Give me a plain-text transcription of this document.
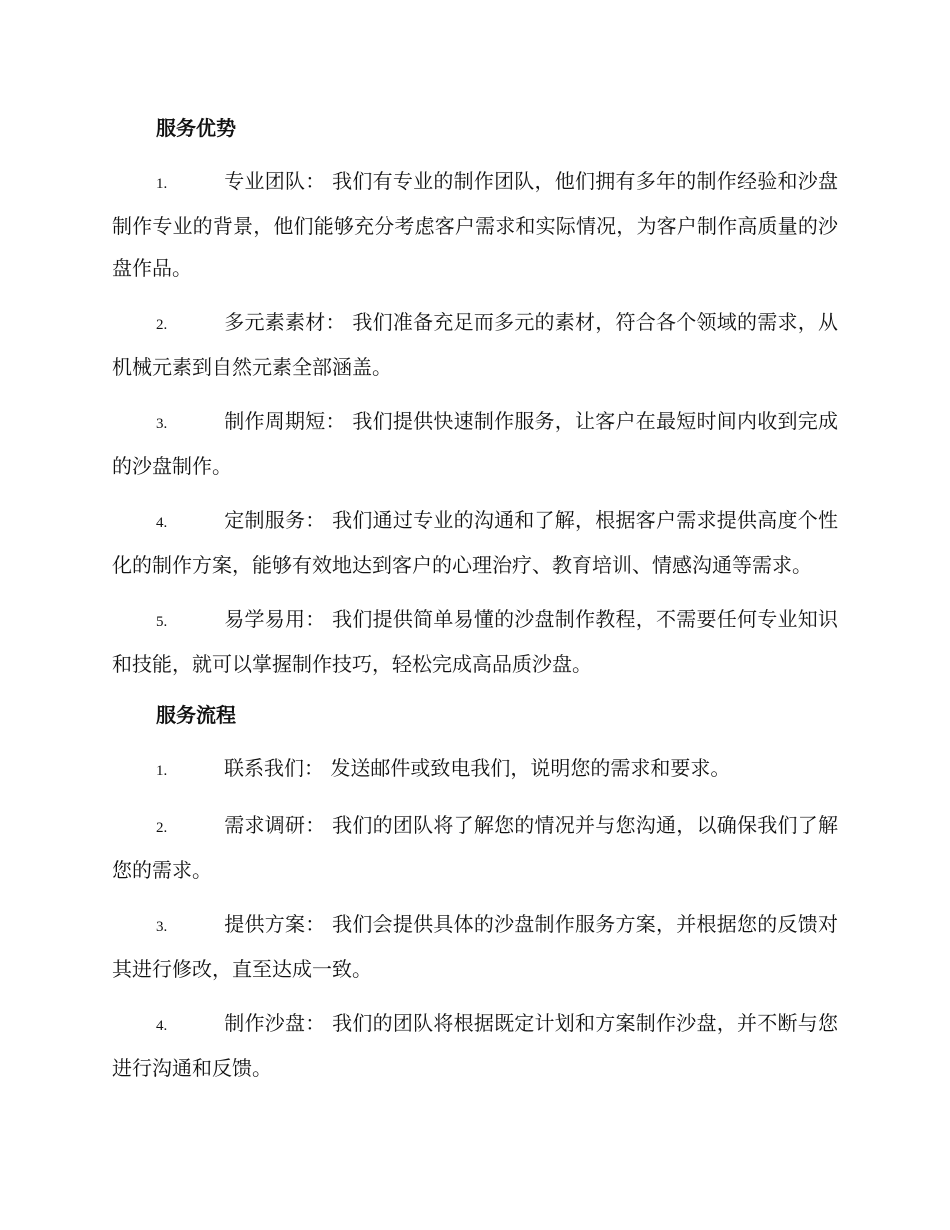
服务优势

1.	专业团队： 我们有专业的制作团队，他们拥有多年的制作经验和沙盘制作专业的背景，他们能够充分考虑客户需求和实际情况，为客户制作高质量的沙盘作品。

2.	多元素素材： 我们准备充足而多元的素材，符合各个领域的需求，从机械元素到自然元素全部涵盖。

3.	制作周期短： 我们提供快速制作服务，让客户在最短时间内收到完成的沙盘制作。

4.	定制服务： 我们通过专业的沟通和了解，根据客户需求提供高度个性化的制作方案，能够有效地达到客户的心理治疗、教育培训、情感沟通等需求。

5.	易学易用： 我们提供简单易懂的沙盘制作教程，不需要任何专业知识和技能，就可以掌握制作技巧，轻松完成高品质沙盘。

服务流程

1.	联系我们： 发送邮件或致电我们，说明您的需求和要求。

2.	需求调研： 我们的团队将了解您的情况并与您沟通，以确保我们了解您的需求。

3.	提供方案： 我们会提供具体的沙盘制作服务方案，并根据您的反馈对其进行修改，直至达成一致。

4.	制作沙盘： 我们的团队将根据既定计划和方案制作沙盘，并不断与您进行沟通和反馈。
